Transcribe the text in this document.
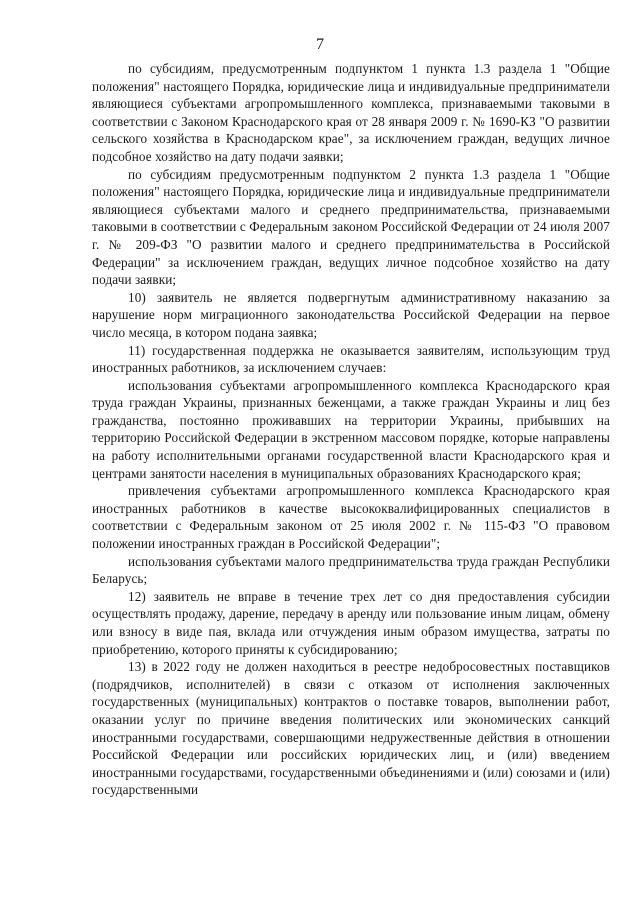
7

по субсидиям, предусмотренным подпунктом 1 пункта 1.3 раздела 1 "Общие положения" настоящего Порядка, юридические лица и индивидуальные предприниматели являющиеся субъектами агропромышленного комплекса, признаваемыми таковыми в соответствии с Законом Краснодарского края от 28 января 2009 г. № 1690-КЗ "О развитии сельского хозяйства в Краснодарском крае", за исключением граждан, ведущих личное подсобное хозяйство на дату подачи заявки;

по субсидиям предусмотренным подпунктом 2 пункта 1.3 раздела 1 "Общие положения" настоящего Порядка, юридические лица и индивидуальные предприниматели являющиеся субъектами малого и среднего предпринимательства, признаваемыми таковыми в соответствии с Федеральным законом Российской Федерации от 24 июля 2007 г. № 209-ФЗ "О развитии малого и среднего предпринимательства в Российской Федерации" за исключением граждан, ведущих личное подсобное хозяйство на дату подачи заявки;

10) заявитель не является подвергнутым административному наказанию за нарушение норм миграционного законодательства Российской Федерации на первое число месяца, в котором подана заявка;

11) государственная поддержка не оказывается заявителям, использующим труд иностранных работников, за исключением случаев:

использования субъектами агропромышленного комплекса Краснодарского края труда граждан Украины, признанных беженцами, а также граждан Украины и лиц без гражданства, постоянно проживавших на территории Украины, прибывших на территорию Российской Федерации в экстренном массовом порядке, которые направлены на работу исполнительными органами государственной власти Краснодарского края и центрами занятости населения в муниципальных образованиях Краснодарского края;

привлечения субъектами агропромышленного комплекса Краснодарского края иностранных работников в качестве высококвалифицированных специалистов в соответствии с Федеральным законом от 25 июля 2002 г. № 115-ФЗ "О правовом положении иностранных граждан в Российской Федерации";

использования субъектами малого предпринимательства труда граждан Республики Беларусь;

12) заявитель не вправе в течение трех лет со дня предоставления субсидии осуществлять продажу, дарение, передачу в аренду или пользование иным лицам, обмену или взносу в виде пая, вклада или отчуждения иным образом имущества, затраты по приобретению, которого приняты к субсидированию;

13) в 2022 году не должен находиться в реестре недобросовестных поставщиков (подрядчиков, исполнителей) в связи с отказом от исполнения заключенных государственных (муниципальных) контрактов о поставке товаров, выполнении работ, оказании услуг по причине введения политических или экономических санкций иностранными государствами, совершающими недружественные действия в отношении Российской Федерации или российских юридических лиц, и (или) введением иностранными государствами, государственными объединениями и (или) союзами и (или) государственными
